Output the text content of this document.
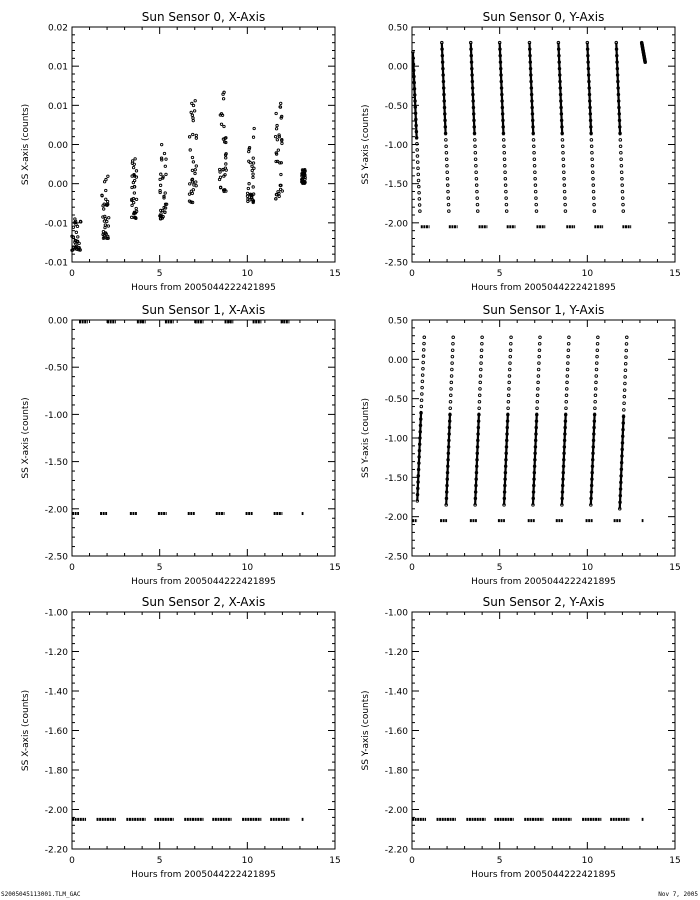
Sun Sensor 0, X-Axis
Hours from 2005044222421895
SS X-axis (counts)
0	5	10	15
-0.01
-0.01
0.00
0.00
0.01
0.01
0.02
Sun Sensor 0, Y-Axis
Hours from 2005044222421895
SS Y-axis (counts)
0	5	10	15
-2.50
-2.00
-1.50
-1.00
-0.50
0.00
0.50
Sun Sensor 1, X-Axis
Hours from 2005044222421895
SS X-axis (counts)
0	5	10	15
-2.50
-2.00
-1.50
-1.00
-0.50
0.00
Sun Sensor 1, Y-Axis
Hours from 2005044222421895
SS Y-axis (counts)
0	5	10	15
-2.50
-2.00
-1.50
-1.00
-0.50
0.00
0.50
Sun Sensor 2, X-Axis
Hours from 2005044222421895
SS X-axis (counts)
0	5	10	15
-2.20
-2.00
-1.80
-1.60
-1.40
-1.20
-1.00
Sun Sensor 2, Y-Axis
Hours from 2005044222421895
SS Y-axis (counts)
0	5	10	15
-2.20
-2.00
-1.80
-1.60
-1.40
-1.20
-1.00
S2005045113001.TLM_GAC	Nov 7, 2005
